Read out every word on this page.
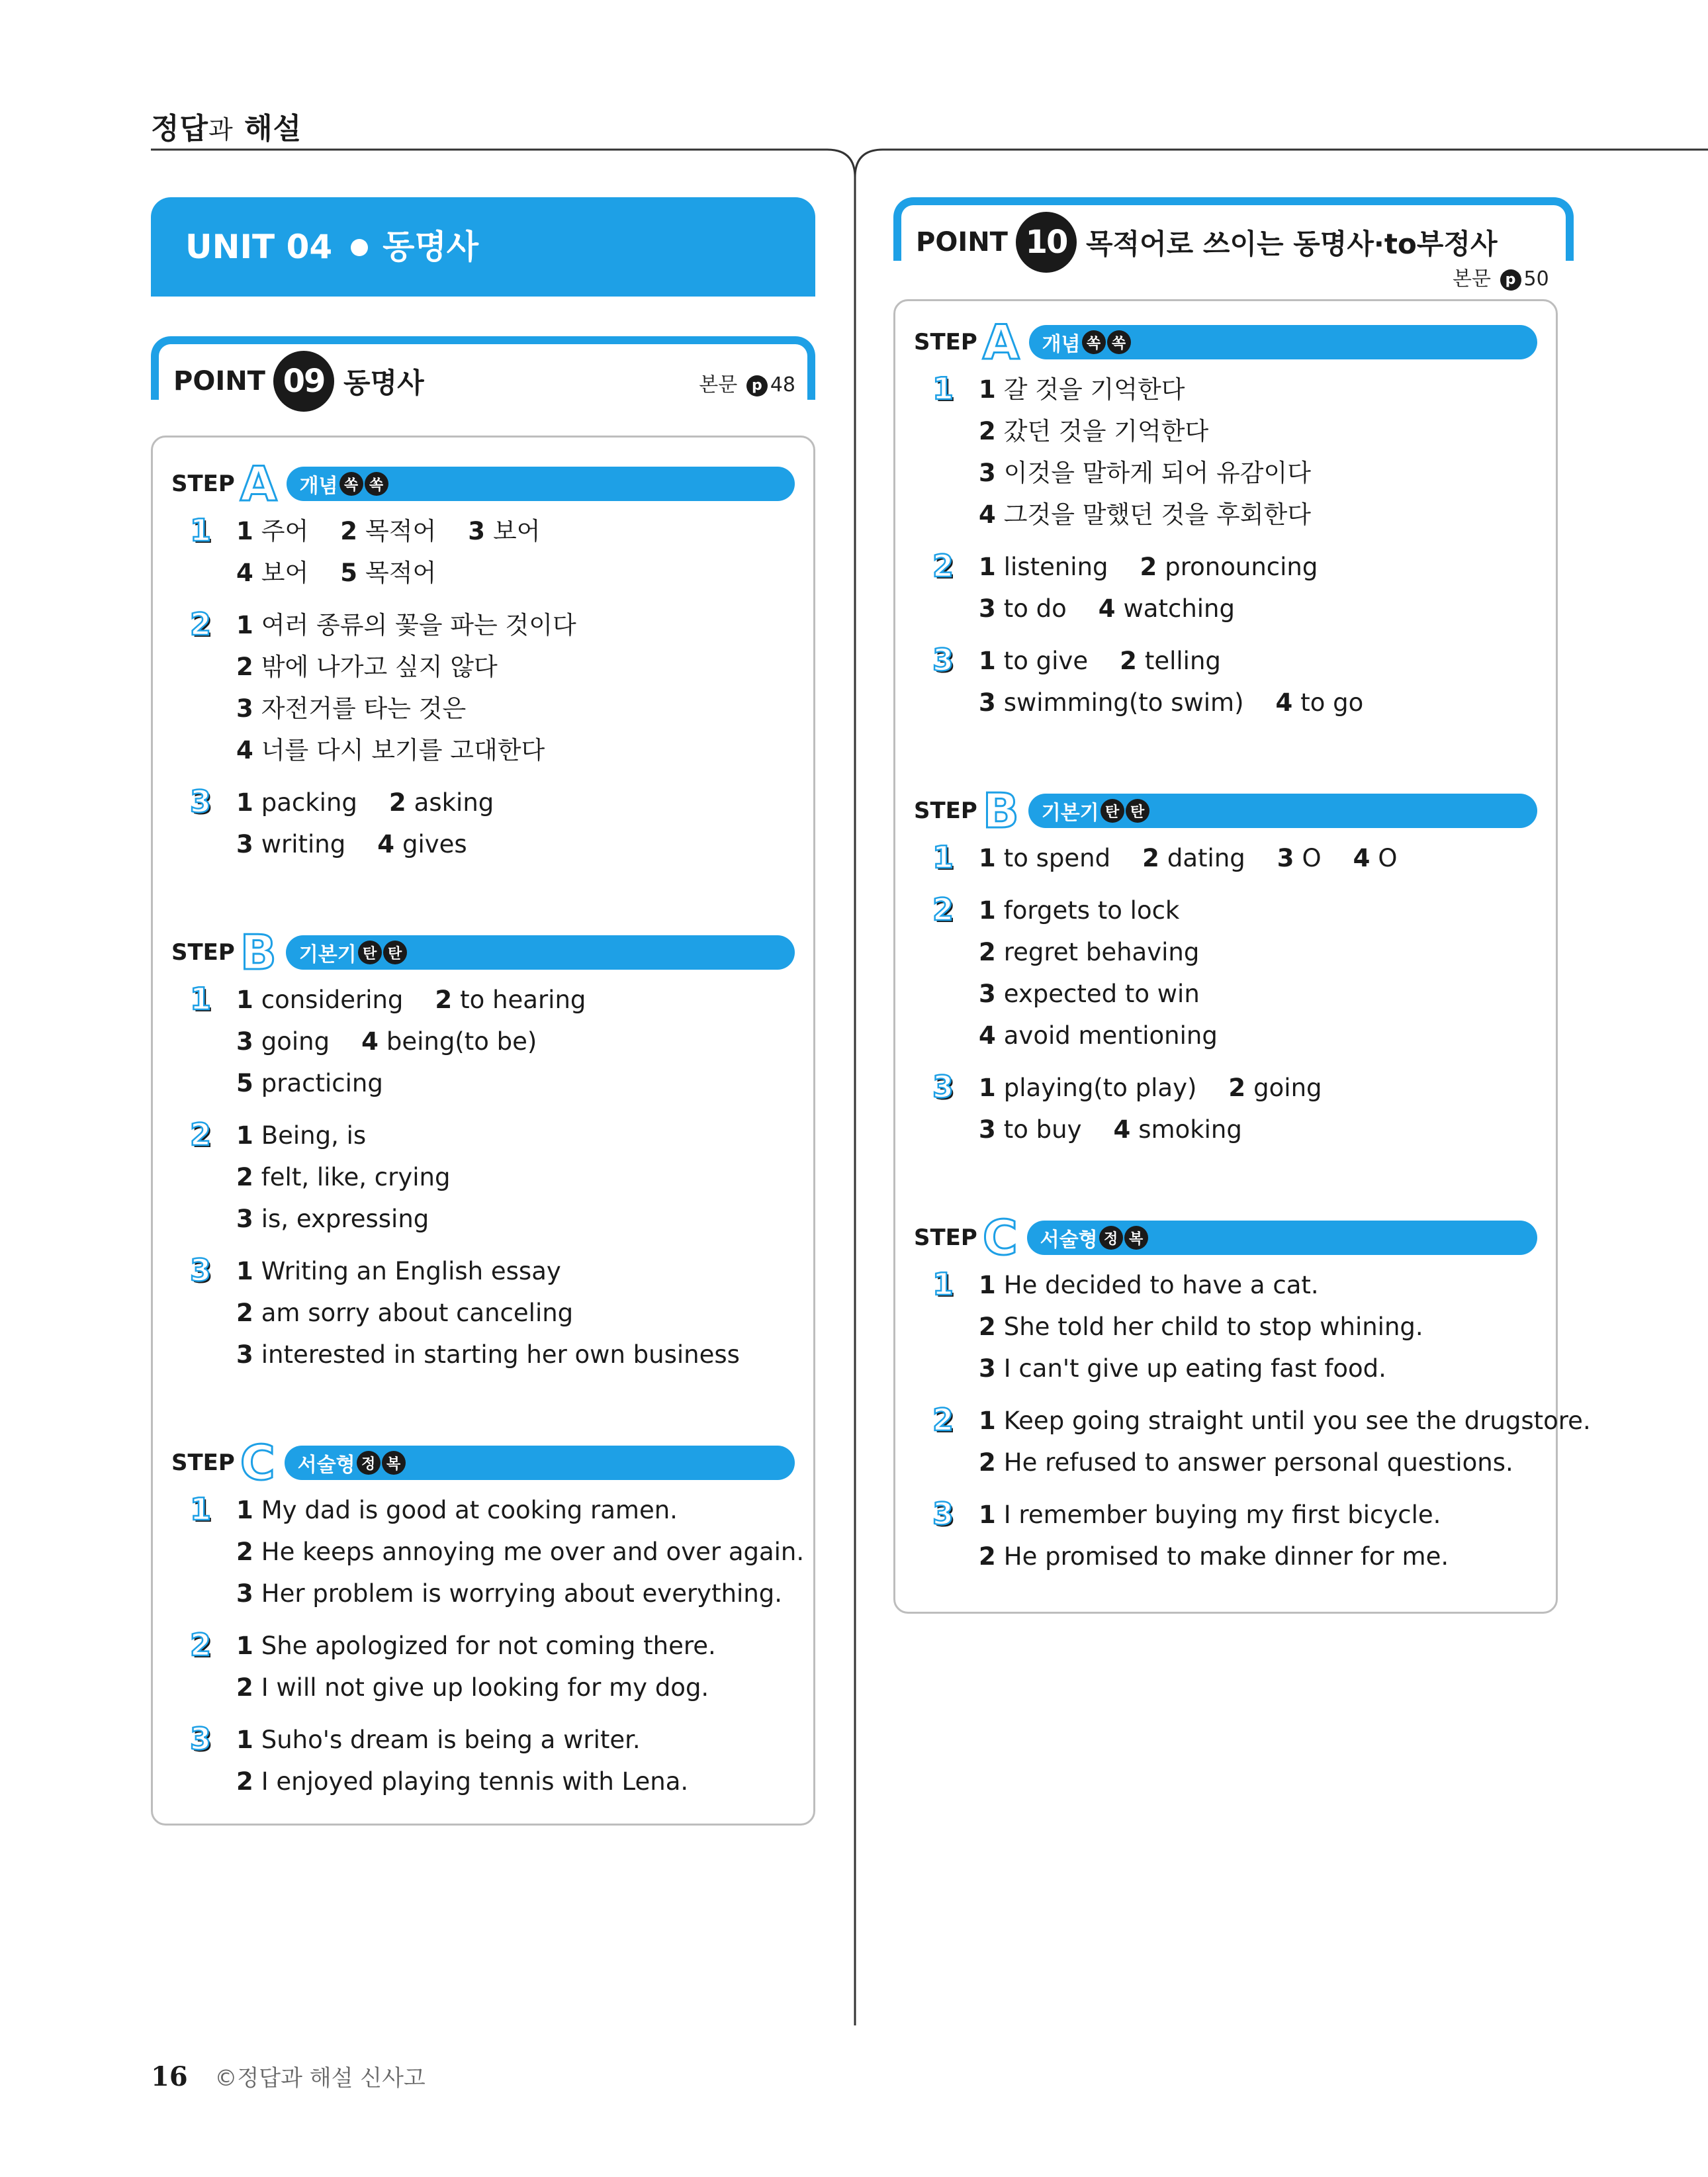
정답과 해설
UNIT 04 동명사
POINT 09 동명사	본문 p 48
STEP A 개념 쏙 쏙
1 1 주어 2 목적어 3 보어
4 보어 5 목적어
2 1 여러 종류의 꽃을 파는 것이다
2 밖에 나가고 싶지 않다
3 자전거를 타는 것은
4 너를 다시 보기를 고대한다
3 1 packing 2 asking
3 writing 4 gives
STEP B 기본기 탄 탄
1 1 considering 2 to hearing
3 going 4 being(to be)
5 practicing
2 1 Being, is
2 felt, like, crying
3 is, expressing
3 1 Writing an English essay
2 am sorry about canceling
3 interested in starting her own business
STEP C 서술형 정 복
1 1 My dad is good at cooking ramen.
2 He keeps annoying me over and over again.
3 Her problem is worrying about everything.
2 1 She apologized for not coming there.
2 I will not give up looking for my dog.
3 1 Suho's dream is being a writer.
2 I enjoyed playing tennis with Lena.
POINT 10 목적어로 쓰이는 동명사·to부정사
본문 p 50
STEP A 개념 쏙 쏙
1 1 갈 것을 기억한다
2 갔던 것을 기억한다
3 이것을 말하게 되어 유감이다
4 그것을 말했던 것을 후회한다
2 1 listening 2 pronouncing
3 to do 4 watching
3 1 to give 2 telling
3 swimming(to swim) 4 to go
STEP B 기본기 탄 탄
1 1 to spend 2 dating 3 O 4 O
2 1 forgets to lock
2 regret behaving
3 expected to win
4 avoid mentioning
3 1 playing(to play) 2 going
3 to buy 4 smoking
STEP C 서술형 정 복
1 1 He decided to have a cat.
2 She told her child to stop whining.
3 I can't give up eating fast food.
2 1 Keep going straight until you see the drugstore.
2 He refused to answer personal questions.
3 1 I remember buying my first bicycle.
2 He promised to make dinner for me.
16 ©정답과 해설 신사고
